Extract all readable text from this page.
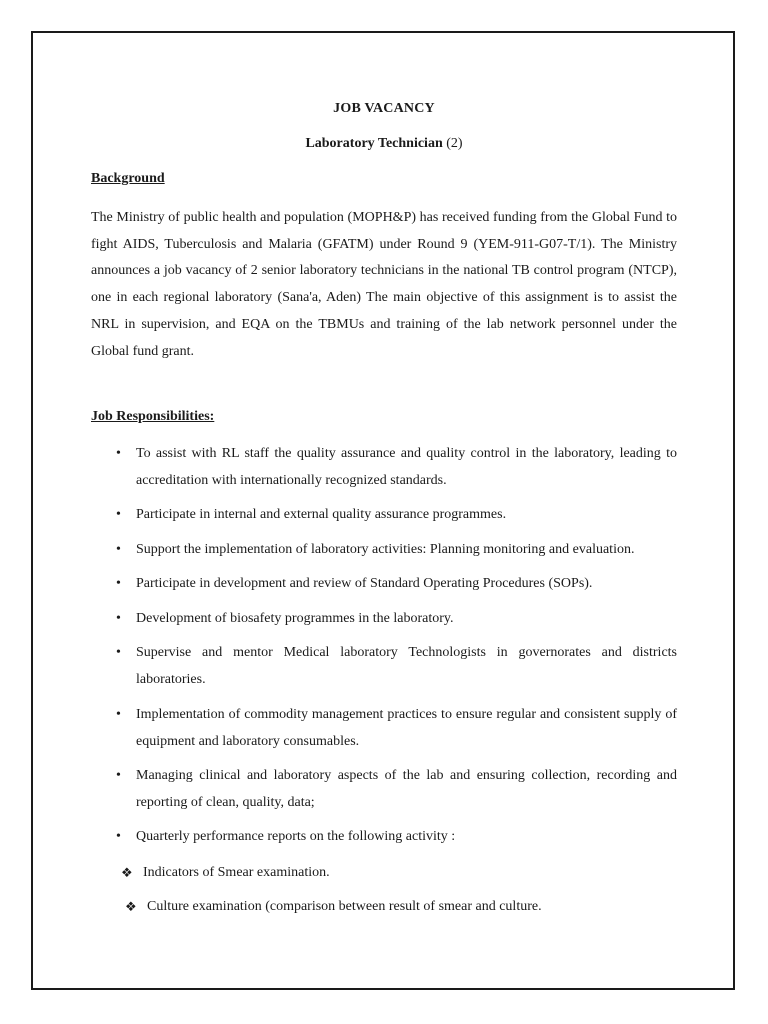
JOB VACANCY
Laboratory Technician (2)
Background

The Ministry of public health and population (MOPH&P) has received funding from the Global Fund to fight AIDS, Tuberculosis and Malaria (GFATM) under Round 9 (YEM-911-G07-T/1). The Ministry announces a job vacancy of 2 senior laboratory technicians in the national TB control program (NTCP), one in each regional laboratory (Sana'a, Aden) The main objective of this assignment is to assist the NRL in supervision, and EQA on the TBMUs and training of the lab network personnel under the Global fund grant.

Job Responsibilities:
• To assist with RL staff the quality assurance and quality control in the laboratory, leading to accreditation with internationally recognized standards.
• Participate in internal and external quality assurance programmes.
• Support the implementation of laboratory activities: Planning monitoring and evaluation.
• Participate in development and review of Standard Operating Procedures (SOPs).
• Development of biosafety programmes in the laboratory.
• Supervise and mentor Medical laboratory Technologists in governorates and districts laboratories.
• Implementation of commodity management practices to ensure regular and consistent supply of equipment and laboratory consumables.
• Managing clinical and laboratory aspects of the lab and ensuring collection, recording and reporting of clean, quality, data;
• Quarterly performance reports on the following activity :
❖ Indicators of Smear examination.
❖ Culture examination (comparison between result of smear and culture.
